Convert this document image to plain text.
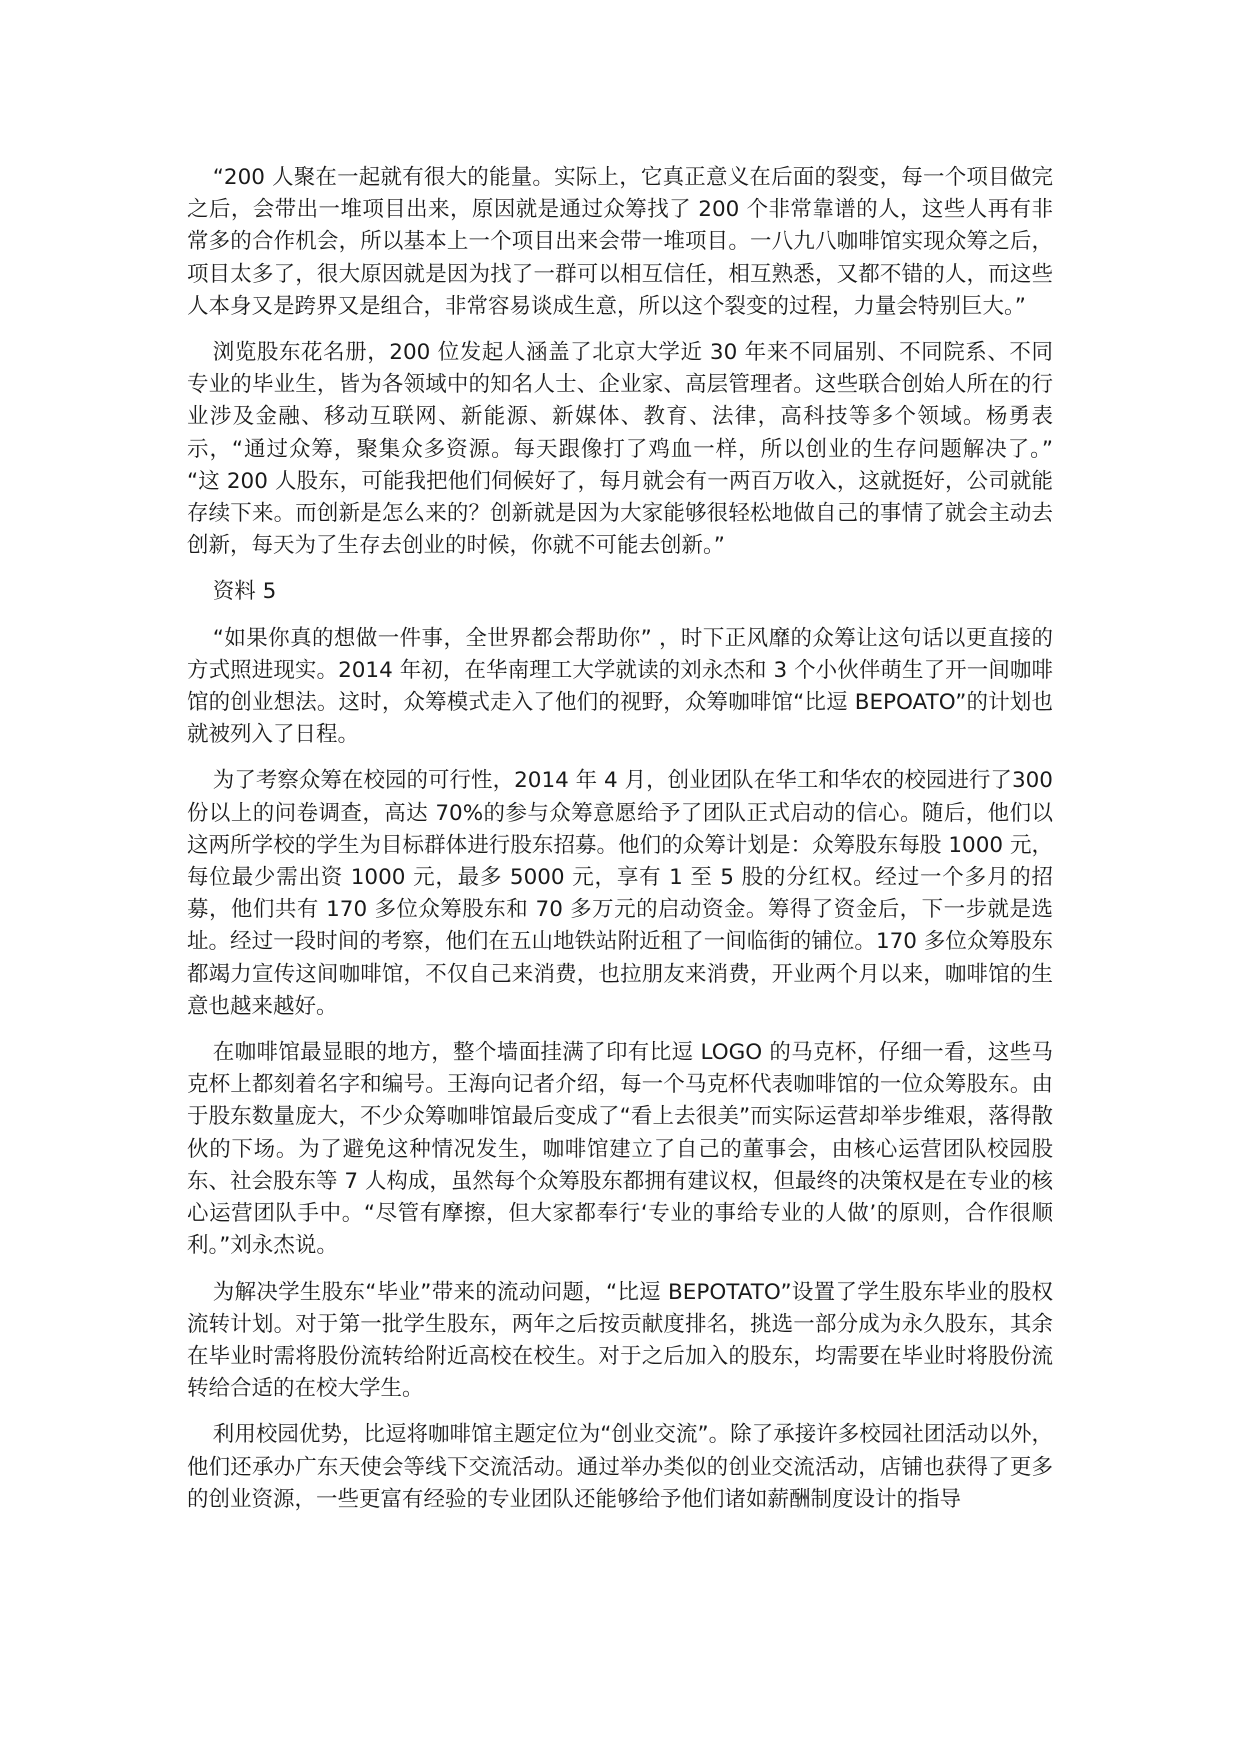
“200 人聚在一起就有很大的能量。实际上，它真正意义在后面的裂变，每一个项目做完之后，会带出一堆项目出来，原因就是通过众筹找了 200 个非常靠谱的人，这些人再有非常多的合作机会，所以基本上一个项目出来会带一堆项目。一八九八咖啡馆实现众筹之后，项目太多了，很大原因就是因为找了一群可以相互信任，相互熟悉，又都不错的人，而这些人本身又是跨界又是组合，非常容易谈成生意，所以这个裂变的过程，力量会特别巨大。”

浏览股东花名册，200 位发起人涵盖了北京大学近 30 年来不同届别、不同院系、不同专业的毕业生，皆为各领域中的知名人士、企业家、高层管理者。这些联合创始人所在的行业涉及金融、移动互联网、新能源、新媒体、教育、法律，高科技等多个领域。杨勇表示，“通过众筹，聚集众多资源。每天跟像打了鸡血一样，所以创业的生存问题解决了。” “这 200 人股东，可能我把他们伺候好了，每月就会有一两百万收入，这就挺好，公司就能存续下来。而创新是怎么来的？创新就是因为大家能够很轻松地做自己的事情了就会主动去创新，每天为了生存去创业的时候，你就不可能去创新。”

资料 5

“如果你真的想做一件事，全世界都会帮助你” ，时下正风靡的众筹让这句话以更直接的方式照进现实。2014 年初，在华南理工大学就读的刘永杰和 3 个小伙伴萌生了开一间咖啡馆的创业想法。这时，众筹模式走入了他们的视野，众筹咖啡馆“比逗 BEPOATO”的计划也就被列入了日程。

为了考察众筹在校园的可行性，2014 年 4 月，创业团队在华工和华农的校园进行了300 份以上的问卷调查，高达 70%的参与众筹意愿给予了团队正式启动的信心。随后，他们以这两所学校的学生为目标群体进行股东招募。他们的众筹计划是：众筹股东每股 1000 元，每位最少需出资 1000 元，最多 5000 元，享有 1 至 5 股的分红权。经过一个多月的招募，他们共有 170 多位众筹股东和 70 多万元的启动资金。筹得了资金后，下一步就是选址。经过一段时间的考察，他们在五山地铁站附近租了一间临街的铺位。170 多位众筹股东都竭力宣传这间咖啡馆，不仅自己来消费，也拉朋友来消费，开业两个月以来，咖啡馆的生意也越来越好。

在咖啡馆最显眼的地方，整个墙面挂满了印有比逗 LOGO 的马克杯，仔细一看，这些马克杯上都刻着名字和编号。王海向记者介绍，每一个马克杯代表咖啡馆的一位众筹股东。由于股东数量庞大，不少众筹咖啡馆最后变成了“看上去很美”而实际运营却举步维艰，落得散伙的下场。为了避免这种情况发生，咖啡馆建立了自己的董事会，由核心运营团队校园股东、社会股东等 7 人构成，虽然每个众筹股东都拥有建议权，但最终的决策权是在专业的核心运营团队手中。“尽管有摩擦，但大家都奉行‘专业的事给专业的人做’的原则，合作很顺利。”刘永杰说。

为解决学生股东“毕业”带来的流动问题，“比逗 BEPOTATO”设置了学生股东毕业的股权流转计划。对于第一批学生股东，两年之后按贡献度排名，挑选一部分成为永久股东，其余在毕业时需将股份流转给附近高校在校生。对于之后加入的股东，均需要在毕业时将股份流转给合适的在校大学生。

利用校园优势，比逗将咖啡馆主题定位为“创业交流”。除了承接许多校园社团活动以外，他们还承办广东天使会等线下交流活动。通过举办类似的创业交流活动，店铺也获得了更多的创业资源，一些更富有经验的专业团队还能够给予他们诸如薪酬制度设计的指导
